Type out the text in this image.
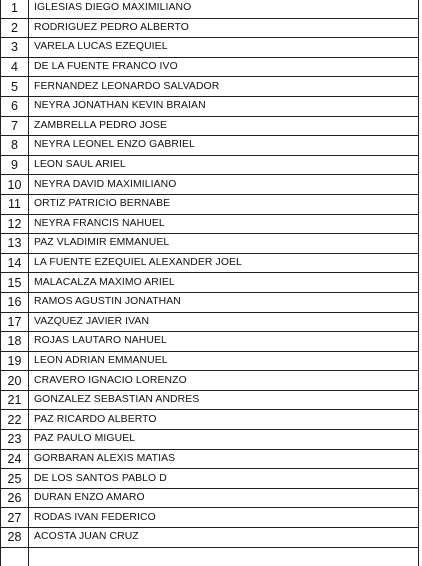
1	IGLESIAS DIEGO MAXIMILIANO
2	RODRIGUEZ PEDRO ALBERTO
3	VARELA LUCAS EZEQUIEL
4	DE LA FUENTE FRANCO IVO
5	FERNANDEZ LEONARDO SALVADOR
6	NEYRA JONATHAN KEVIN BRAIAN
7	ZAMBRELLA PEDRO JOSE
8	NEYRA LEONEL ENZO GABRIEL
9	LEON SAUL ARIEL
10	NEYRA DAVID MAXIMILIANO
11	ORTIZ PATRICIO BERNABE
12	NEYRA FRANCIS NAHUEL
13	PAZ VLADIMIR EMMANUEL
14	LA FUENTE EZEQUIEL ALEXANDER JOEL
15	MALACALZA MAXIMO ARIEL
16	RAMOS AGUSTIN JONATHAN
17	VAZQUEZ JAVIER IVAN
18	ROJAS LAUTARO NAHUEL
19	LEON ADRIAN EMMANUEL
20	CRAVERO IGNACIO LORENZO
21	GONZALEZ SEBASTIAN ANDRES
22	PAZ RICARDO ALBERTO
23	PAZ PAULO MIGUEL
24	GORBARAN ALEXIS MATIAS
25	DE LOS SANTOS PABLO D
26	DURAN ENZO AMARO
27	RODAS IVAN FEDERICO
28	ACOSTA JUAN CRUZ
